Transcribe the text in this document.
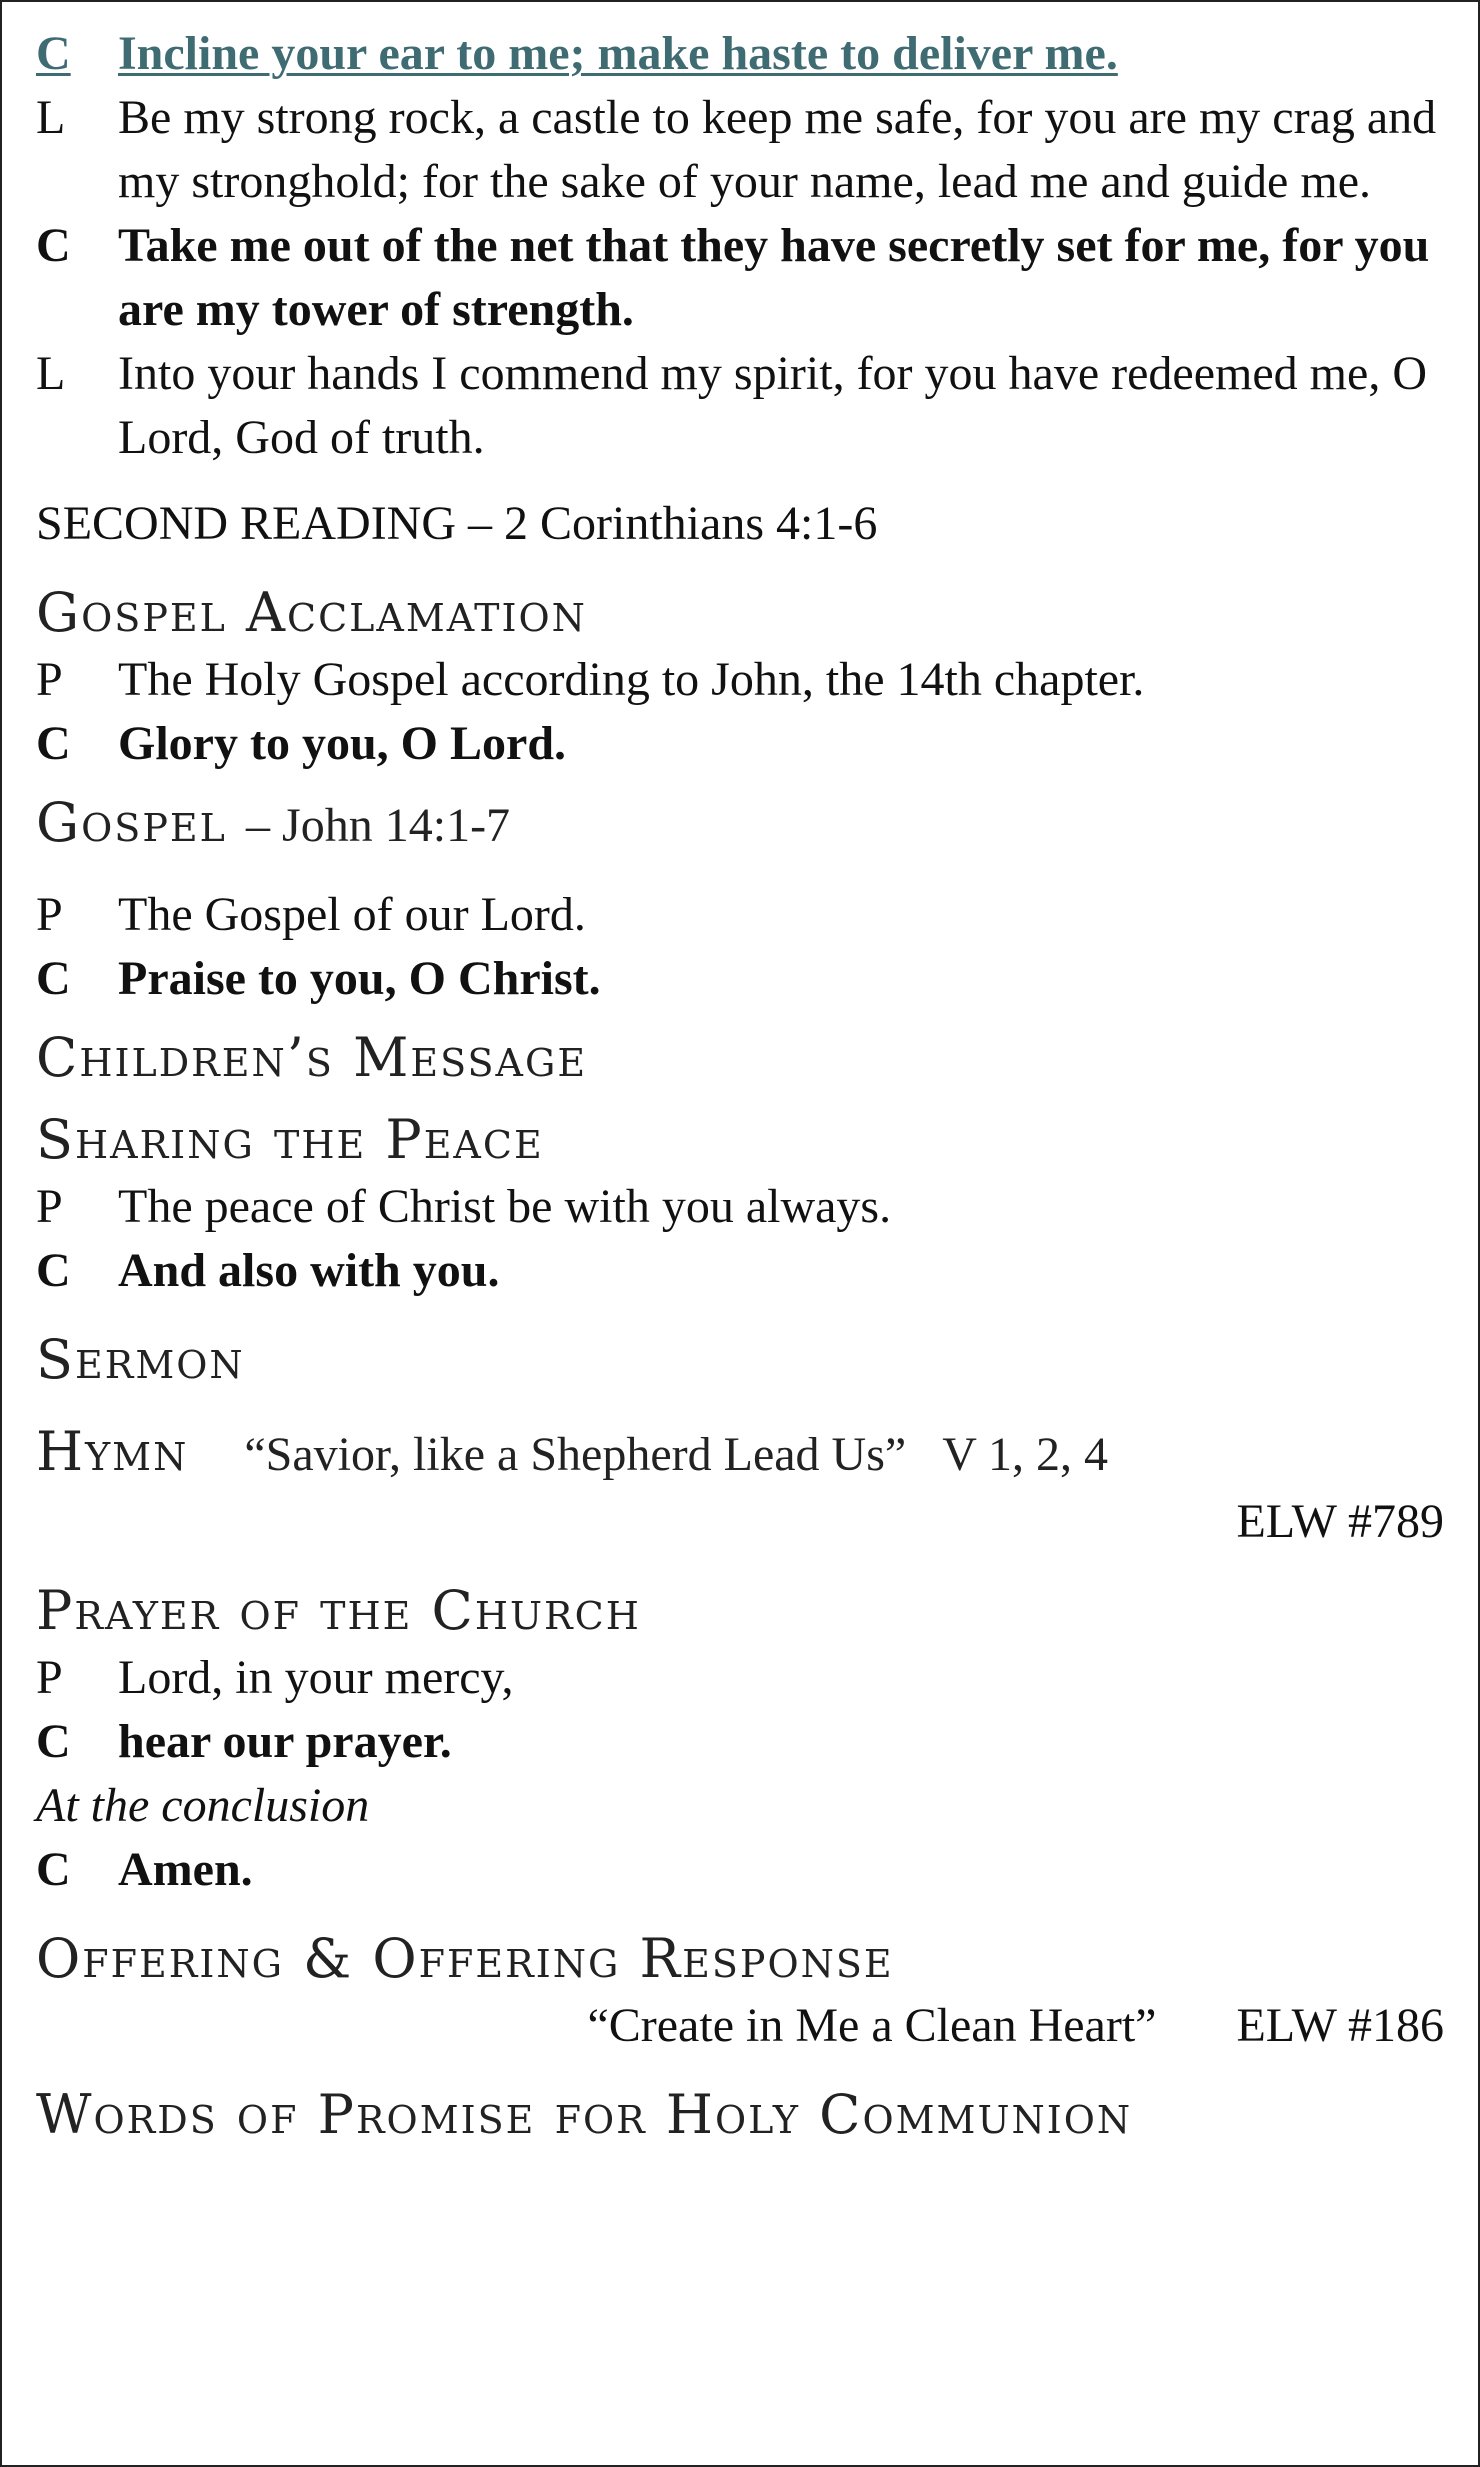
C Incline your ear to me; make haste to deliver me.
L	Be my strong rock, a castle to keep me safe, for you are my crag and my stronghold; for the sake of your name, lead me and guide me.
C Take me out of the net that they have secretly set for me, for you are my tower of strength.
L	Into your hands I commend my spirit, for you have redeemed me, O Lord, God of truth.
SECOND READING – 2 Corinthians 4:1-6
Gospel Acclamation
P	The Holy Gospel according to John, the 14th chapter.
C Glory to you, O Lord.
Gospel – John 14:1-7
P	The Gospel of our Lord.
C Praise to you, O Christ.
Children’s Message
Sharing the Peace
P	The peace of Christ be with you always.
C And also with you.
Sermon
Hymn “Savior, like a Shepherd Lead Us” V 1, 2, 4
ELW #789
Prayer of the Church
P	Lord, in your mercy,
C hear our prayer.
At the conclusion
C Amen.
Offering & Offering Response
“Create in Me a Clean Heart” ELW #186
Words of Promise for Holy Communion
